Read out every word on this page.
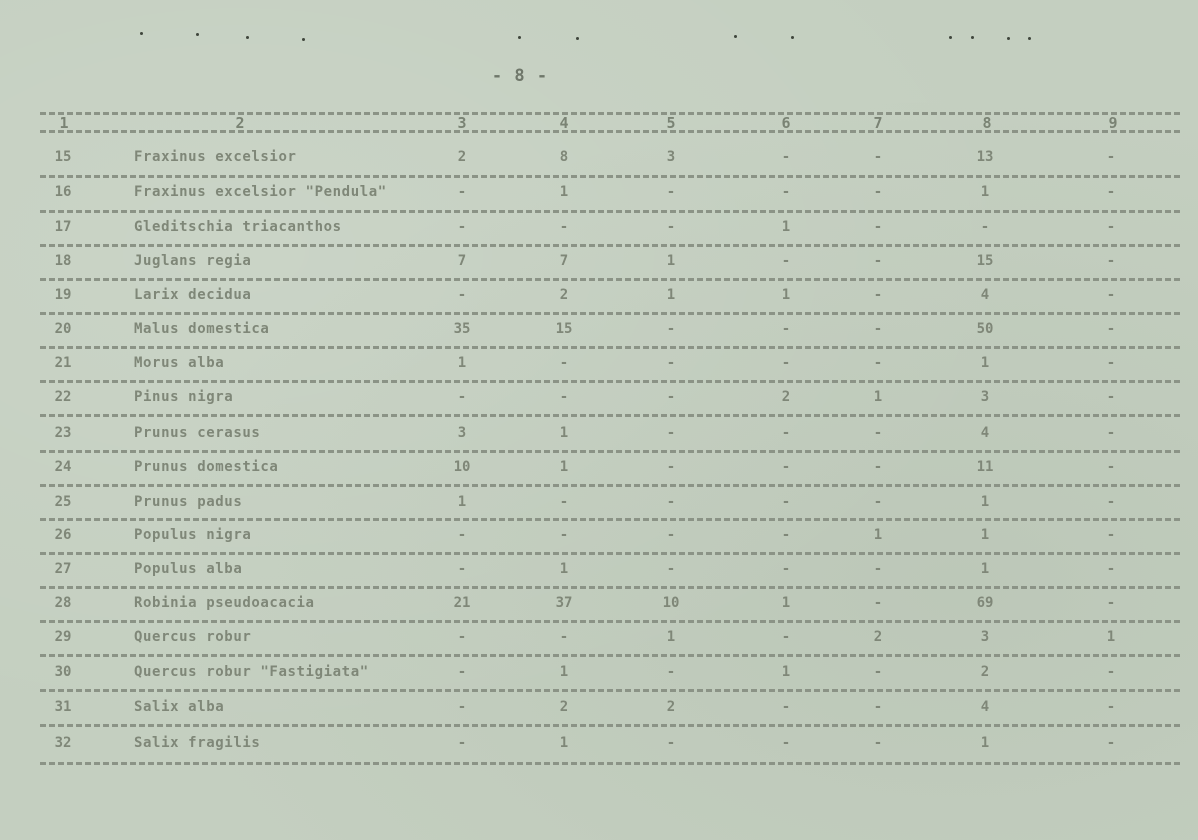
- 8 -
1	2	3	4	5	6	7	8	9
15	Fraxinus excelsior	2	8	3	-	-	13	-
16	Fraxinus excelsior "Pendula"	-	1	-	-	-	1	-
17	Gleditschia triacanthos	-	-	-	1	-	-	-
18	Juglans regia	7	7	1	-	-	15	-
19	Larix decidua	-	2	1	1	-	4	-
20	Malus domestica	35	15	-	-	-	50	-
21	Morus alba	1	-	-	-	-	1	-
22	Pinus nigra	-	-	-	2	1	3	-
23	Prunus cerasus	3	1	-	-	-	4	-
24	Prunus domestica	10	1	-	-	-	11	-
25	Prunus padus	1	-	-	-	-	1	-
26	Populus nigra	-	-	-	-	1	1	-
27	Populus alba	-	1	-	-	-	1	-
28	Robinia pseudoacacia	21	37	10	1	-	69	-
29	Quercus robur	-	-	1	-	2	3	1
30	Quercus robur "Fastigiata"	-	1	-	1	-	2	-
31	Salix alba	-	2	2	-	-	4	-
32	Salix fragilis	-	1	-	-	-	1	-
